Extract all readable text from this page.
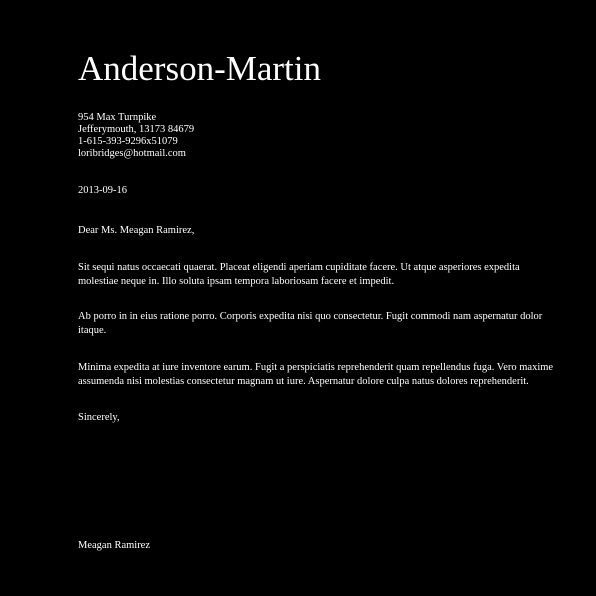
Anderson-Martin
954 Max Turnpike
Jefferymouth, 13173 84679
1-615-393-9296x51079
loribridges@hotmail.com
2013-09-16
Dear Ms. Meagan Ramirez,

Sit sequi natus occaecati quaerat. Placeat eligendi aperiam cupiditate facere. Ut atque asperiores expedita molestiae neque in. Illo soluta ipsam tempora laboriosam facere et impedit.

Ab porro in in eius ratione porro. Corporis expedita nisi quo consectetur. Fugit commodi nam aspernatur dolor itaque.

Minima expedita at iure inventore earum. Fugit a perspiciatis reprehenderit quam repellendus fuga. Vero maxime assumenda nisi molestias consectetur magnam ut iure. Aspernatur dolore culpa natus dolores reprehenderit.

Sincerely,
Meagan Ramirez
